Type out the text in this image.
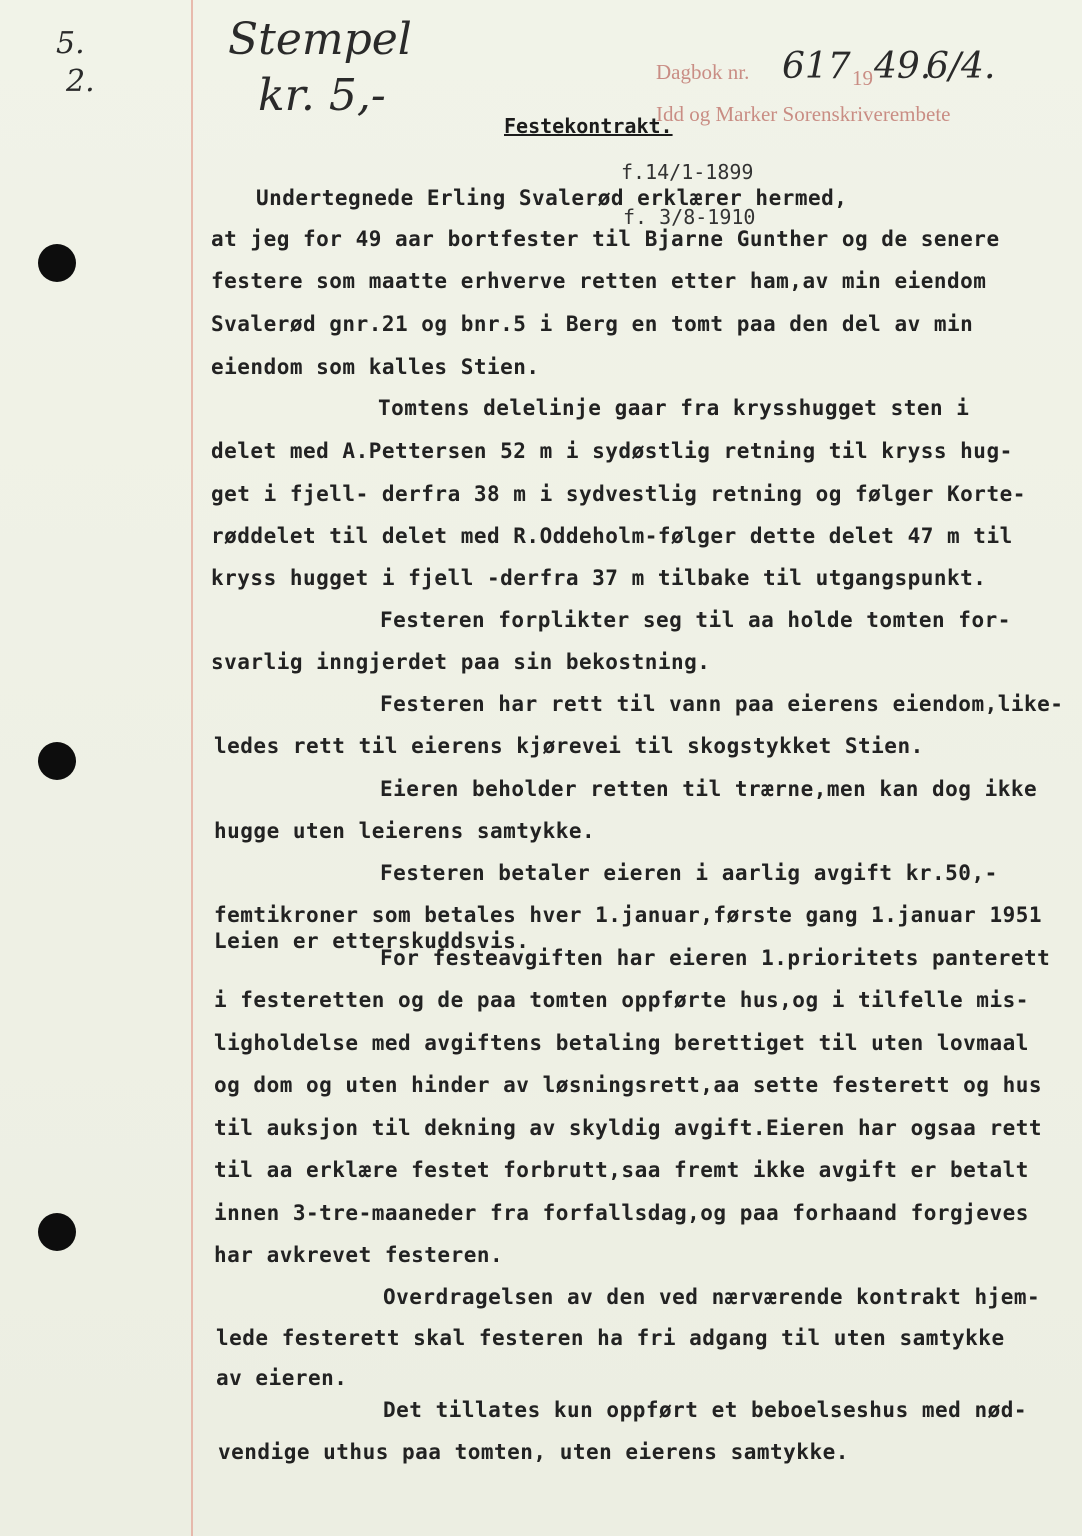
5.
2.
Stempel
kr. 5,-	Dagbok nr. 617 19 49.
6/4.
Idd og Marker Sorenskriverembete
Festekontrakt.
f.14/1-1899
f. 3/8-1910
Undertegnede Erling Svalerød erklærer hermed,
at jeg for 49 aar bortfester til Bjarne Gunther og de senere
festere som maatte erhverve retten etter ham,av min eiendom
Svalerød gnr.21 og bnr.5 i Berg en tomt paa den del av min
eiendom som kalles Stien.
Tomtens delelinje gaar fra krysshugget sten i
delet med A.Pettersen 52 m i sydøstlig retning til kryss hug-
get i fjell- derfra 38 m i sydvestlig retning og følger Korte-
røddelet til delet med R.Oddeholm-følger dette delet 47 m til
kryss hugget i fjell -derfra 37 m tilbake til utgangspunkt.
Festeren forplikter seg til aa holde tomten for-
svarlig inngjerdet paa sin bekostning.
Festeren har rett til vann paa eierens eiendom,like-
ledes rett til eierens kjørevei til skogstykket Stien.
Eieren beholder retten til trærne,men kan dog ikke
hugge uten leierens samtykke.
Festeren betaler eieren i aarlig avgift kr.50,-
femtikroner som betales hver 1.januar,første gang 1.januar 1951
Leien er etterskuddsvis.
For festeavgiften har eieren 1.prioritets panterett
i festeretten og de paa tomten oppførte hus,og i tilfelle mis-
ligholdelse med avgiftens betaling berettiget til uten lovmaal
og dom og uten hinder av løsningsrett,aa sette festerett og hus
til auksjon til dekning av skyldig avgift.Eieren har ogsaa rett
til aa erklære festet forbrutt,saa fremt ikke avgift er betalt
innen 3-tre-maaneder fra forfallsdag,og paa forhaand forgjeves
har avkrevet festeren.
Overdragelsen av den ved nærværende kontrakt hjem-
lede festerett skal festeren ha fri adgang til uten samtykke
av eieren.
Det tillates kun oppført et beboelseshus med nød-
vendige uthus paa tomten, uten eierens samtykke.
